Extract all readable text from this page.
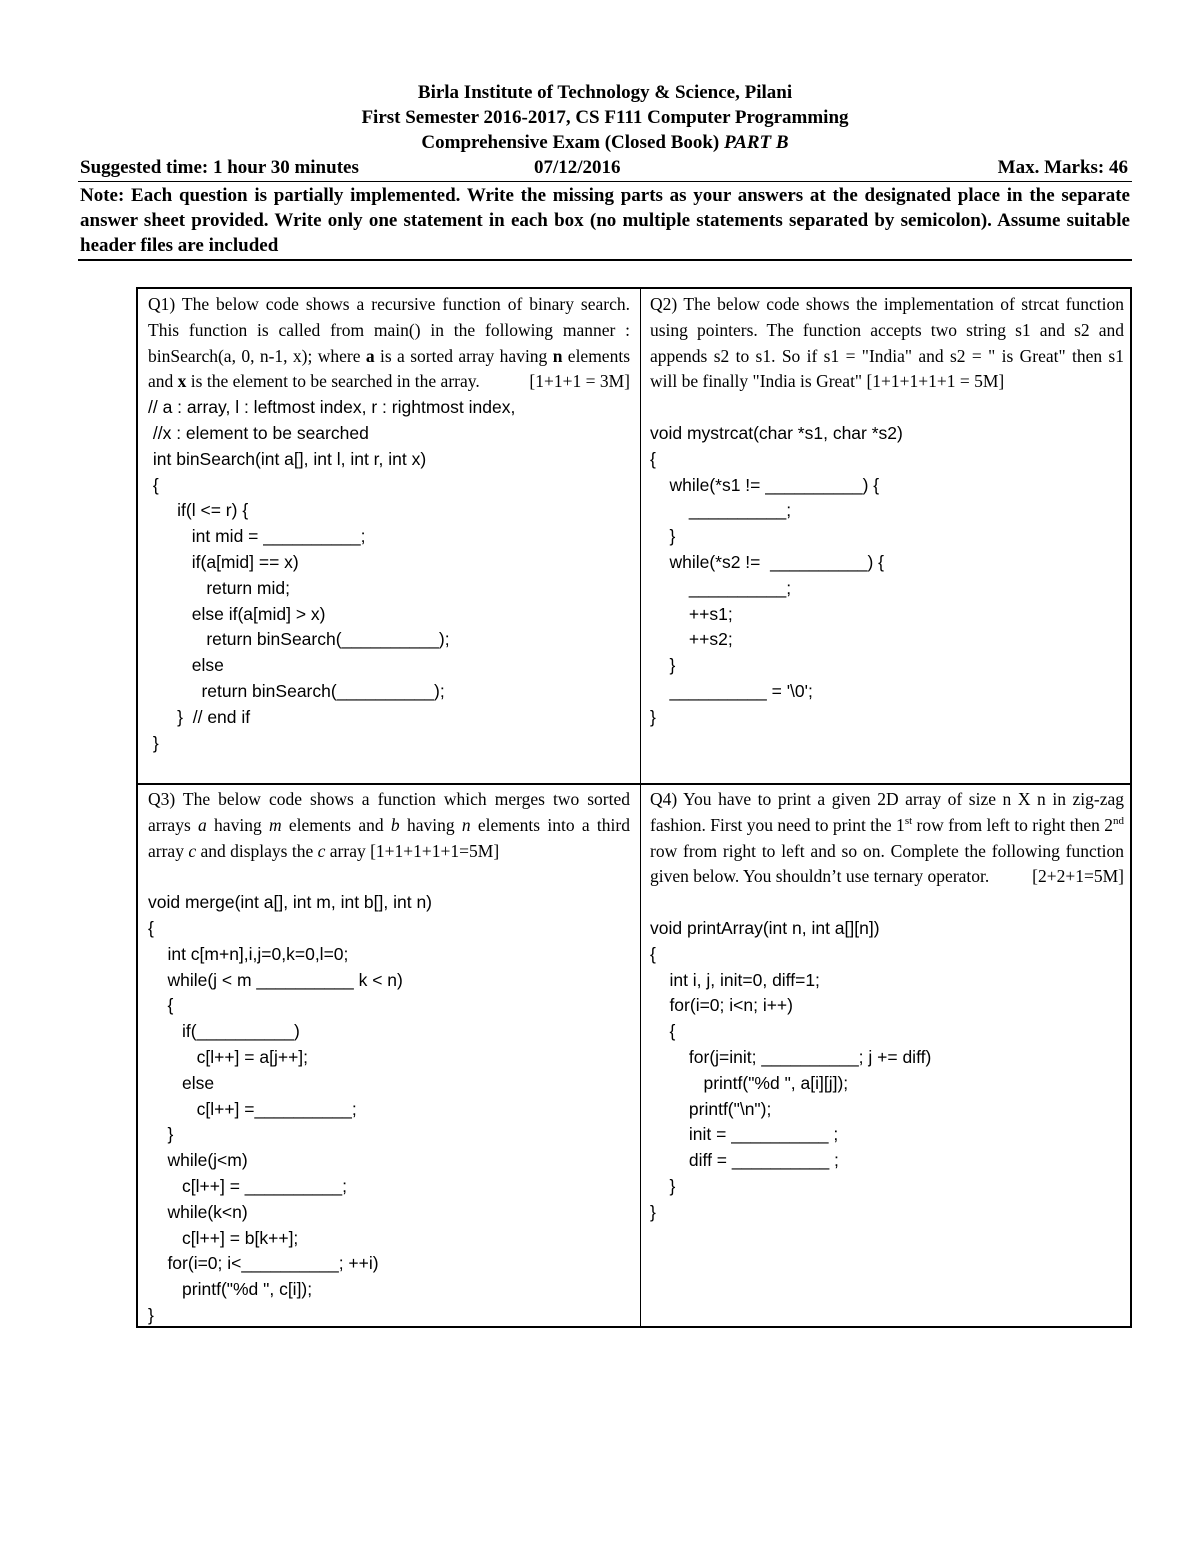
Birla Institute of Technology & Science, Pilani
First Semester 2016-2017, CS F111 Computer Programming
Comprehensive Exam (Closed Book) PART B
Suggested time: 1 hour 30 minutes	07/12/2016	Max. Marks: 46
Note: Each question is partially implemented. Write the missing parts as your answers at the designated place in the separate answer sheet provided. Write only one statement in each box (no multiple statements separated by semicolon). Assume suitable header files are included
Q1) The below code shows a recursive function of binary search. This function is called from main() in the following manner : binSearch(a, 0, n-1, x); where a is a sorted array having n elements and x is the element to be searched in the array.	[1+1+1 = 3M]
// a : array, l : leftmost index, r : rightmost index,
//x : element to be searched
int binSearch(int a[], int l, int r, int x)
{
if(l <= r) {
int mid = __________;
if(a[mid] == x)
return mid;
else if(a[mid] > x)
return binSearch(__________);
else
return binSearch(__________);
}  // end if
}
Q2) The below code shows the implementation of strcat function using pointers. The function accepts two string s1 and s2 and appends s2 to s1. So if s1 = "India" and s2 = " is Great" then s1 will be finally "India is Great" [1+1+1+1+1 = 5M]
void mystrcat(char *s1, char *s2)
{
while(*s1 != __________) {
__________;
}
while(*s2 !=  __________) {
__________;
++s1;
++s2;
}
__________ = '\0';
}
Q3) The below code shows a function which merges two sorted arrays a having m elements and b having n elements into a third array c and displays the c array [1+1+1+1+1=5M]
void merge(int a[], int m, int b[], int n)
{
int c[m+n],i,j=0,k=0,l=0;
while(j < m __________ k < n)
{
if(__________)
c[l++] = a[j++];
else
c[l++] =__________;
}
while(j<m)
c[l++] = __________;
while(k<n)
c[l++] = b[k++];
for(i=0; i<__________; ++i)
printf("%d ", c[i]);
}
Q4) You have to print a given 2D array of size n X n in zig-zag fashion. First you need to print the 1st row from left to right then 2nd row from right to left and so on. Complete the following function given below. You shouldn’t use ternary operator. [2+2+1=5M]
void printArray(int n, int a[][n])
{
int i, j, init=0, diff=1;
for(i=0; i<n; i++)
{
for(j=init; __________; j += diff)
printf("%d ", a[i][j]);
printf("\n");
init = __________ ;
diff = __________ ;
}
}
